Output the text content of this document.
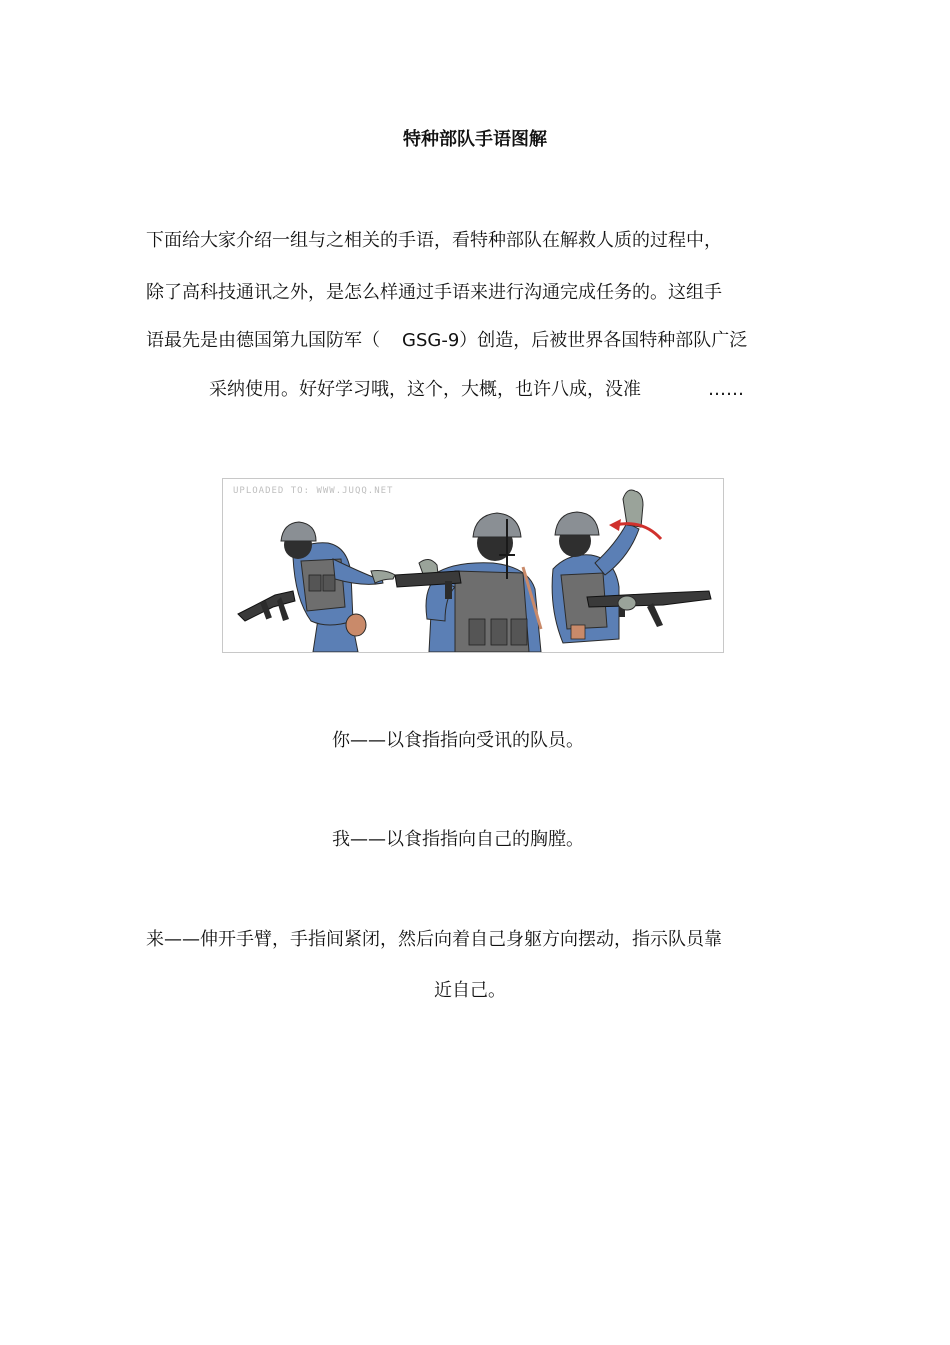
特种部队手语图解

下面给大家介绍一组与之相关的手语，看特种部队在解救人质的过程中，

除了高科技通讯之外，是怎么样通过手语来进行沟通完成任务的。这组手

语最先是由德国第九国防军（ GSG-9）创造，后被世界各国特种部队广泛

采纳使用。好好学习哦，这个，大概，也许八成，没准	……
UPLOADED TO: WWW.JUQQ.NET

你——以食指指向受讯的队员。

我——以食指指向自己的胸膛。

来——伸开手臂，手指间紧闭，然后向着自己身躯方向摆动，指示队员靠

近自己。
